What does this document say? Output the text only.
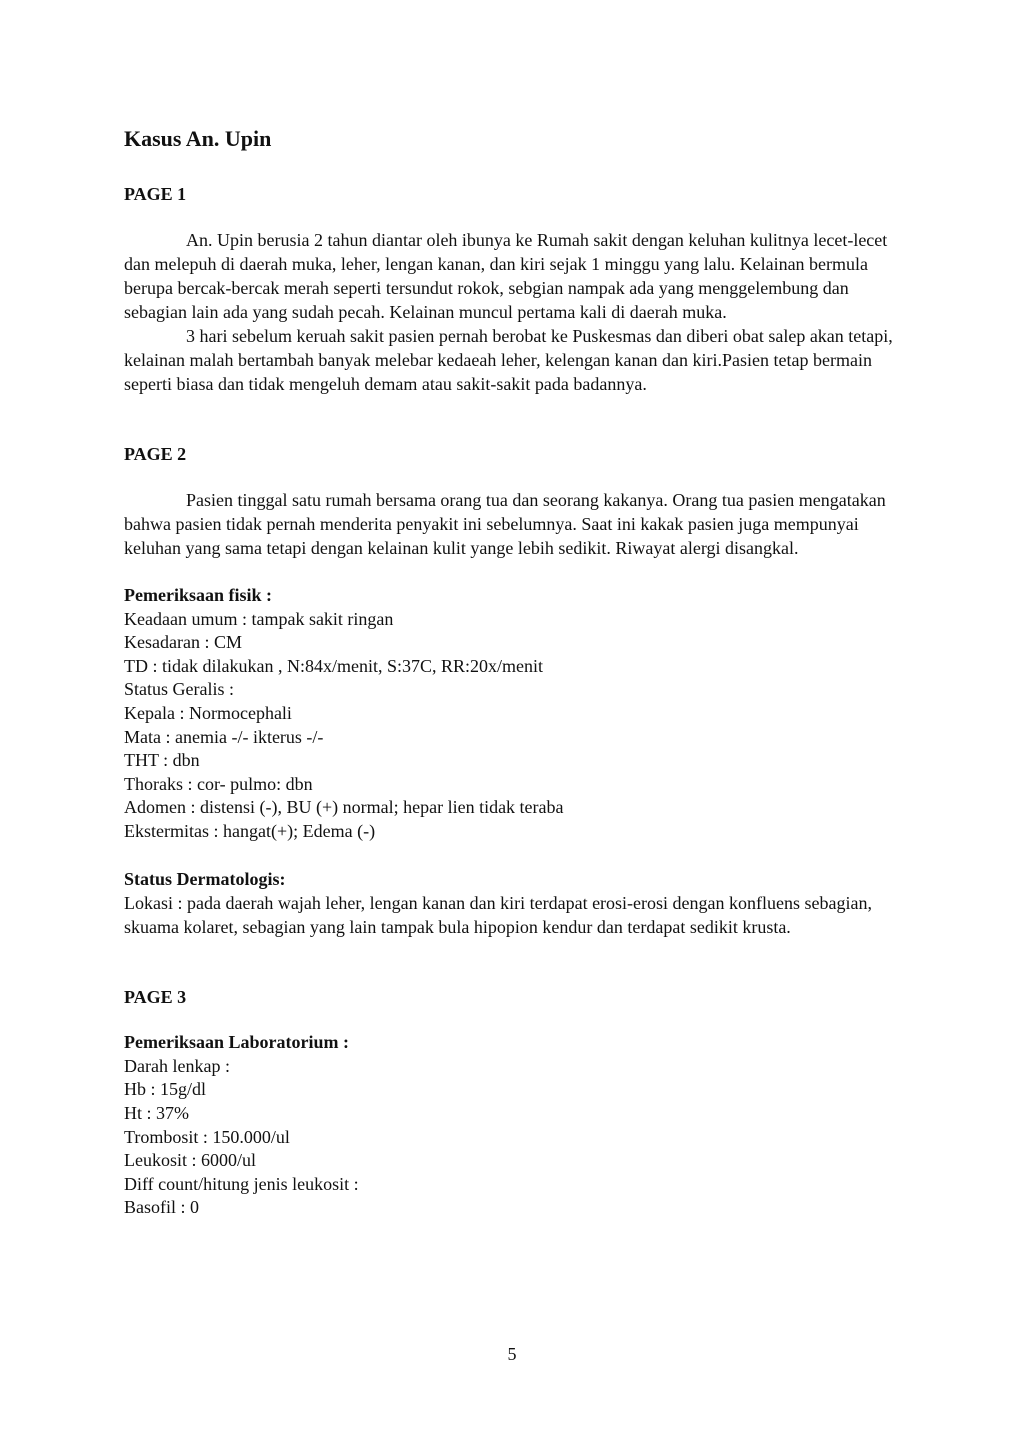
Kasus An. Upin
PAGE 1

An. Upin berusia 2 tahun diantar oleh ibunya ke Rumah sakit dengan keluhan kulitnya lecet-lecet dan melepuh di daerah muka, leher, lengan kanan, dan kiri sejak 1 minggu yang lalu. Kelainan bermula berupa bercak-bercak merah seperti tersundut rokok, sebgian nampak ada yang menggelembung dan sebagian lain ada yang sudah pecah. Kelainan muncul pertama kali di daerah muka.

3 hari sebelum keruah sakit pasien pernah berobat ke Puskesmas dan diberi obat salep akan tetapi, kelainan malah bertambah banyak melebar kedaeah leher, kelengan kanan dan kiri.Pasien tetap bermain seperti biasa dan tidak mengeluh demam atau sakit-sakit pada badannya.

PAGE 2

Pasien tinggal satu rumah bersama orang tua dan seorang kakanya. Orang tua pasien mengatakan bahwa pasien tidak pernah menderita penyakit ini sebelumnya. Saat ini kakak pasien juga mempunyai keluhan yang sama tetapi dengan kelainan kulit yange lebih sedikit. Riwayat alergi disangkal.

Pemeriksaan fisik :
Keadaan umum : tampak sakit ringan
Kesadaran : CM
TD : tidak dilakukan , N:84x/menit, S:37C, RR:20x/menit
Status Geralis :
Kepala : Normocephali
Mata : anemia -/- ikterus -/-
THT : dbn
Thoraks : cor- pulmo: dbn
Adomen : distensi (-), BU (+) normal; hepar lien tidak teraba
Ekstermitas : hangat(+); Edema (-)
Status Dermatologis:

Lokasi : pada daerah wajah leher, lengan kanan dan kiri terdapat erosi-erosi dengan konfluens sebagian, skuama kolaret, sebagian yang lain tampak bula hipopion kendur dan terdapat sedikit krusta.

PAGE 3
Pemeriksaan Laboratorium :
Darah lenkap :
Hb : 15g/dl
Ht : 37%
Trombosit : 150.000/ul
Leukosit : 6000/ul
Diff count/hitung jenis leukosit :
Basofil : 0
5
